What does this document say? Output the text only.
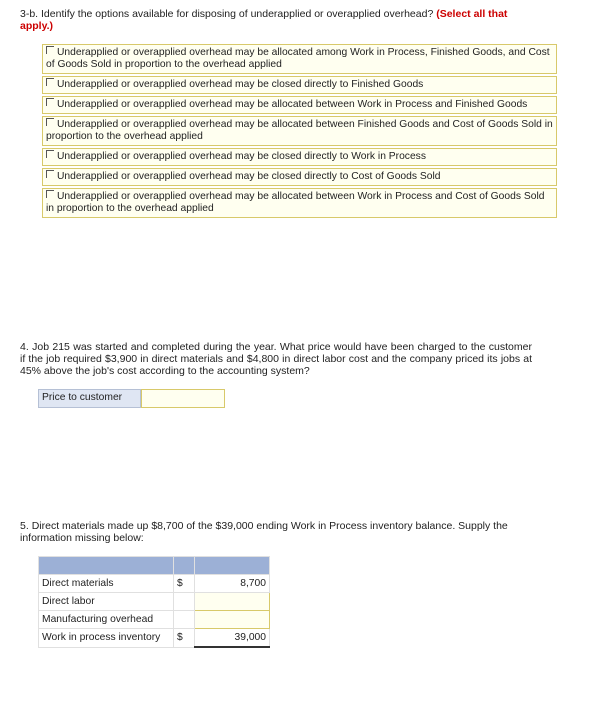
3-b. Identify the options available for disposing of underapplied or overapplied overhead? (Select all that apply.)
Underapplied or overapplied overhead may be allocated among Work in Process, Finished Goods, and Cost of Goods Sold in proportion to the overhead applied
Underapplied or overapplied overhead may be closed directly to Finished Goods
Underapplied or overapplied overhead may be allocated between Work in Process and Finished Goods
Underapplied or overapplied overhead may be allocated between Finished Goods and Cost of Goods Sold in proportion to the overhead applied
Underapplied or overapplied overhead may be closed directly to Work in Process
Underapplied or overapplied overhead may be closed directly to Cost of Goods Sold
Underapplied or overapplied overhead may be allocated between Work in Process and Cost of Goods Sold in proportion to the overhead applied
4. Job 215 was started and completed during the year. What price would have been charged to the customer if the job required $3,900 in direct materials and $4,800 in direct labor cost and the company priced its jobs at 45% above the job's cost according to the accounting system?
Price to customer
5. Direct materials made up $8,700 of the $39,000 ending Work in Process inventory balance. Supply the information missing below:

Direct materials	$	8,700
Direct labor		
Manufacturing overhead		
Work in process inventory	$	39,000
